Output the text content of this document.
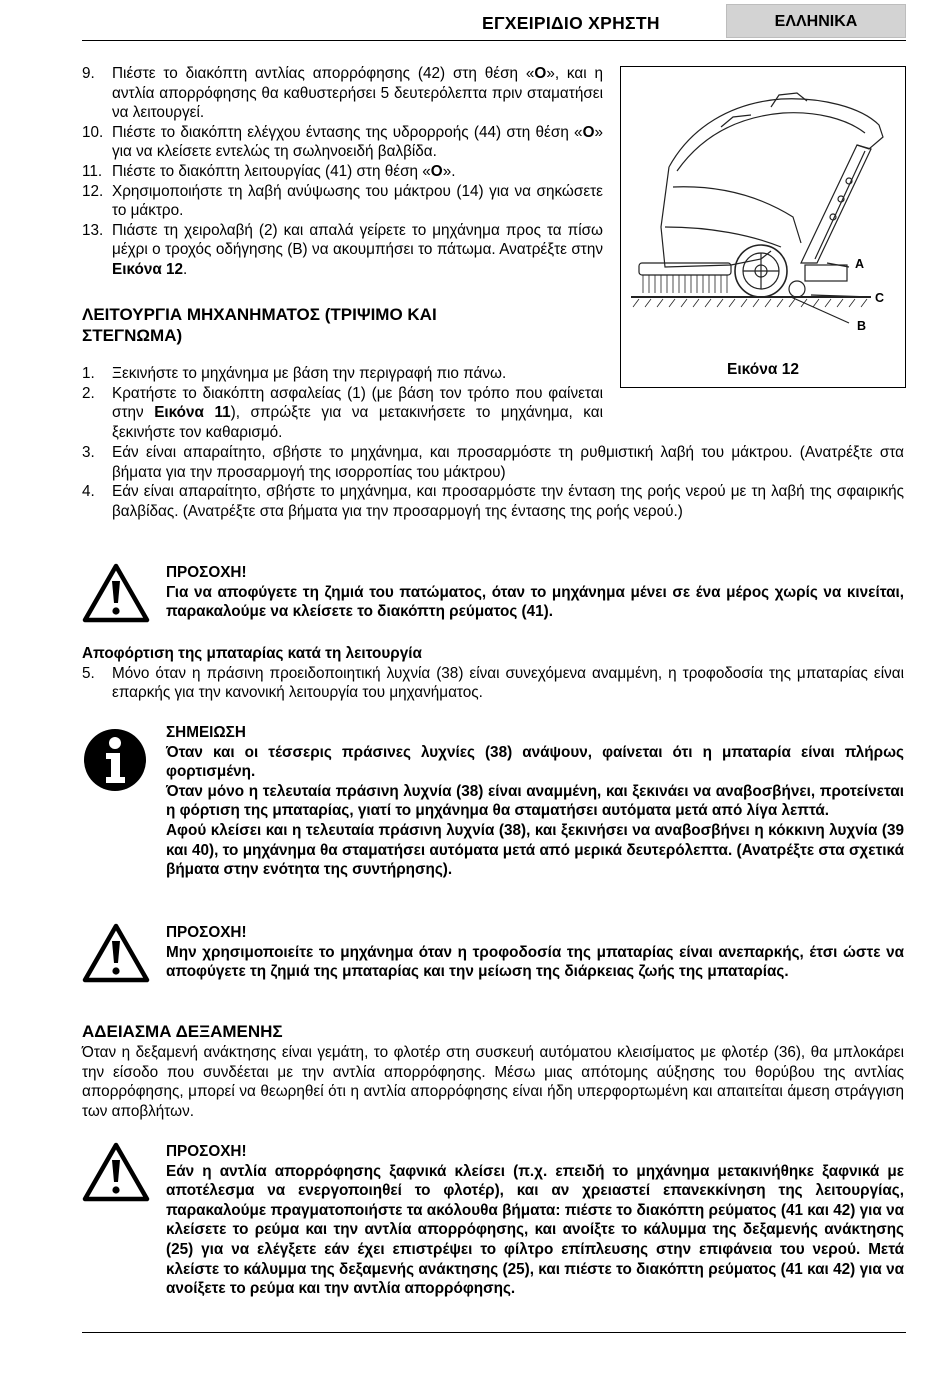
ΕΓΧΕΙΡΙΔΙΟ ΧΡΗΣΤΗ	ΕΛΛΗΝΙΚΑ
9.	Πιέστε το διακόπτη αντλίας απορρόφησης (42) στη θέση «O», και η αντλία απορρόφησης θα καθυστερήσει 5 δευτερόλεπτα πριν σταματήσει να λειτουργεί.
10. Πιέστε το διακόπτη ελέγχου έντασης της υδρορροής (44) στη θέση «O» για να κλείσετε εντελώς τη σωληνοειδή βαλβίδα.
11. Πιέστε το διακόπτη λειτουργίας (41) στη θέση «O».
12. Χρησιμοποιήστε τη λαβή ανύψωσης του μάκτρου (14) για να σηκώσετε το μάκτρο.
13. Πιάστε τη χειρολαβή (2) και απαλά γείρετε το μηχάνημα προς τα πίσω μέχρι ο τροχός οδήγησης (B) να ακουμπήσει το πάτωμα. Ανατρέξτε στην Εικόνα 12.	A
C
B
Εικόνα 12
ΛΕΙΤΟΥΡΓΙΑ ΜΗΧΑΝΗΜΑΤΟΣ (ΤΡΙΨΙΜΟ ΚΑΙ
ΣΤΕΓΝΩΜΑ)
1.	Ξεκινήστε το μηχάνημα με βάση την περιγραφή πιο πάνω.
2.	Κρατήστε το διακόπτη ασφαλείας (1) (με βάση τον τρόπο που φαίνεται στην Εικόνα 11), σπρώξτε για να μετακινήσετε το μηχάνημα, και ξεκινήστε τον καθαρισμό.
3.	Εάν είναι απαραίτητο, σβήστε το μηχάνημα, και προσαρμόστε τη ρυθμιστική λαβή του μάκτρου. (Ανατρέξτε στα βήματα για την προσαρμογή της ισορροπίας του μάκτρου)
4.	Εάν είναι απαραίτητο, σβήστε το μηχάνημα, και προσαρμόστε την ένταση της ροής νερού με τη λαβή της σφαιρικής βαλβίδας. (Ανατρέξτε στα βήματα για την προσαρμογή της έντασης της ροής νερού.)
ΠΡΟΣΟΧΗ!
Για να αποφύγετε τη ζημιά του πατώματος, όταν το μηχάνημα μένει σε ένα μέρος χωρίς να κινείται, παρακαλούμε να κλείσετε το διακόπτη ρεύματος (41).
Αποφόρτιση της μπαταρίας κατά τη λειτουργία
5.	Μόνο όταν η πράσινη προειδοποιητική λυχνία (38) είναι συνεχόμενα αναμμένη, η τροφοδοσία της μπαταρίας είναι επαρκής για την κανονική λειτουργία του μηχανήματος.
ΣΗΜΕΙΩΣΗ
Όταν και οι τέσσερις πράσινες λυχνίες (38) ανάψουν, φαίνεται ότι η μπαταρία είναι πλήρως φορτισμένη.
Όταν μόνο η τελευταία πράσινη λυχνία (38) είναι αναμμένη, και ξεκινάει να αναβοσβήνει, προτείνεται η φόρτιση της μπαταρίας, γιατί το μηχάνημα θα σταματήσει αυτόματα μετά από λίγα λεπτά.
Αφού κλείσει και η τελευταία πράσινη λυχνία (38), και ξεκινήσει να αναβοσβήνει η κόκκινη λυχνία (39 και 40), το μηχάνημα θα σταματήσει αυτόματα μετά από μερικά δευτερόλεπτα. (Ανατρέξτε στα σχετικά βήματα στην ενότητα της συντήρησης).
ΠΡΟΣΟΧΗ!
Μην χρησιμοποιείτε το μηχάνημα όταν η τροφοδοσία της μπαταρίας είναι ανεπαρκής, έτσι ώστε να αποφύγετε τη ζημιά της μπαταρίας και την μείωση της διάρκειας ζωής της μπαταρίας.
ΑΔΕΙΑΣΜΑ ΔΕΞΑΜΕΝΗΣ
Όταν η δεξαμενή ανάκτησης είναι γεμάτη, το φλοτέρ στη συσκευή αυτόματου κλεισίματος με φλοτέρ (36), θα μπλοκάρει την είσοδο που συνδέεται με την αντλία απορρόφησης. Μέσω μιας απότομης αύξησης του θορύβου της αντλίας απορρόφησης, μπορεί να θεωρηθεί ότι η αντλία απορρόφησης είναι ήδη υπερφορτωμένη και απαιτείται άμεση στράγγιση των αποβλήτων.
ΠΡΟΣΟΧΗ!
Εάν η αντλία απορρόφησης ξαφνικά κλείσει (π.χ. επειδή το μηχάνημα μετακινήθηκε ξαφνικά με αποτέλεσμα να ενεργοποιηθεί το φλοτέρ), και αν χρειαστεί επανεκκίνηση της λειτουργίας, παρακαλούμε πραγματοποιήστε τα ακόλουθα βήματα: πιέστε το διακόπτη ρεύματος (41 και 42) για να κλείσετε το ρεύμα και την αντλία απορρόφησης, και ανοίξτε το κάλυμμα της δεξαμενής ανάκτησης (25) για να ελέγξετε εάν έχει επιστρέψει το φίλτρο επίπλευσης στην επιφάνεια του νερού. Μετά κλείστε το κάλυμμα της δεξαμενής ανάκτησης (25), και πιέστε το διακόπτη ρεύματος (41 και 42) για να ανοίξετε το ρεύμα και την αντλία απορρόφησης.
